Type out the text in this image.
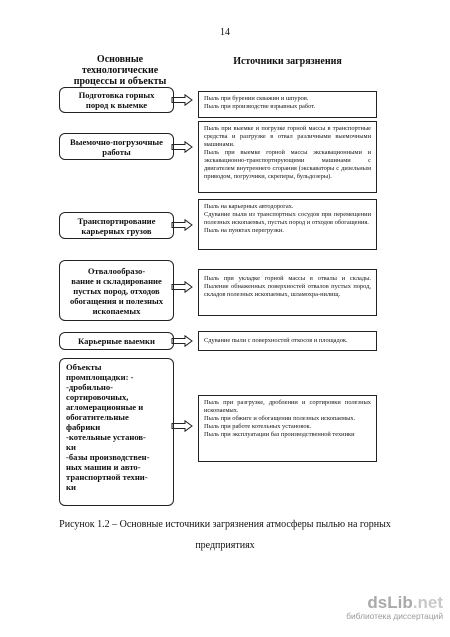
14
Основные
технологические
процессы и объекты
Источники загрязнения
Подготовка горных
пород к выемке
Пыль при бурении скважин и шпуров.
Пыль при производстве взрывных работ.
Выемочно-погрузочные
работы
Пыль при выемке и погрузке горной массы в транспортные средства и разгрузке в отвал различными выемочными машинами.
Пыль при выемке горной массы экскавационными и экскавационно-транспортирующими машинами с двигателем внутреннего сгорания (экскаваторы с дизельным приводом, погрузчики, скреперы, бульдозеры).
Транспортирование
карьерных грузов
Пыль на карьерных автодорогах.
Сдувание пыли из транспортных сосудов при перемещении полезных ископаемых, пустых пород и отходов обогащения.
Пыль на пунктах перегрузки.
Отвалообразо-
вание и складирование
пустых пород, отходов
обогащения и полезных
ископаемых
Пыль при укладке горной массы в отвалы и склады. Пыление обнаженных поверхностей отвалов пустых пород, складов полезных ископаемых, шламохра-нилищ.
Карьерные выемки	Сдувание пыли с поверхностей откосов и площадок.
Объекты
промплощадки: -
-дробильно-
сортировочных,
агломерационные и
обогатительные
фабрики
-котельные установ-
ки
-базы производствен-
ных машин и авто-
транспортной техни-
ки
Пыль при разгрузке, дроблении и сортировки полезных ископаемых.
Пыль при обжиге и обогащении полезных ископаемых.
Пыль при работе котельных установок.
Пыль при эксплуатации баз производственной техники
Рисунок 1.2 – Основные источники загрязнения атмосферы пылью на горных
предприятиях
dsLib.net
библиотека диссертаций
